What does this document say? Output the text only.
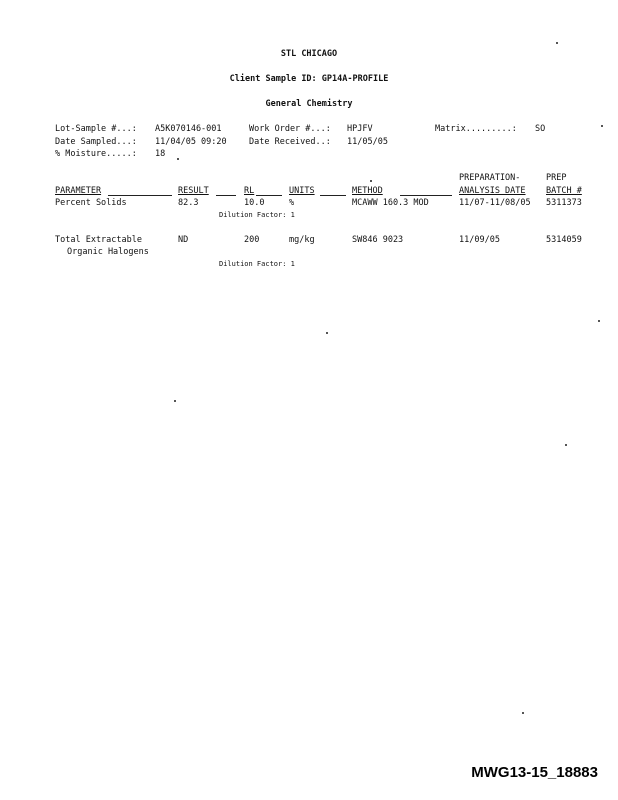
STL CHICAGO
Client Sample ID: GP14A-PROFILE
General Chemistry
Lot-Sample #...: A5K070146-001	Work Order #...: HPJFV	Matrix.........: SO
Date Sampled...: 11/04/05 09:20	Date Received..: 11/05/05
% Moisture.....: 18
PREPARATION-	PREP
PARAMETER	RESULT	RL	UNITS	METHOD	ANALYSIS DATE BATCH #
Percent Solids	82.3	10.0	%	MCAWW 160.3 MOD	11/07-11/08/05 5311373
Dilution Factor: 1
Total Extractable
Organic Halogens
ND	200	mg/kg	SW846 9023	11/09/05	5314059
Dilution Factor: 1
MWG13-15_18883
